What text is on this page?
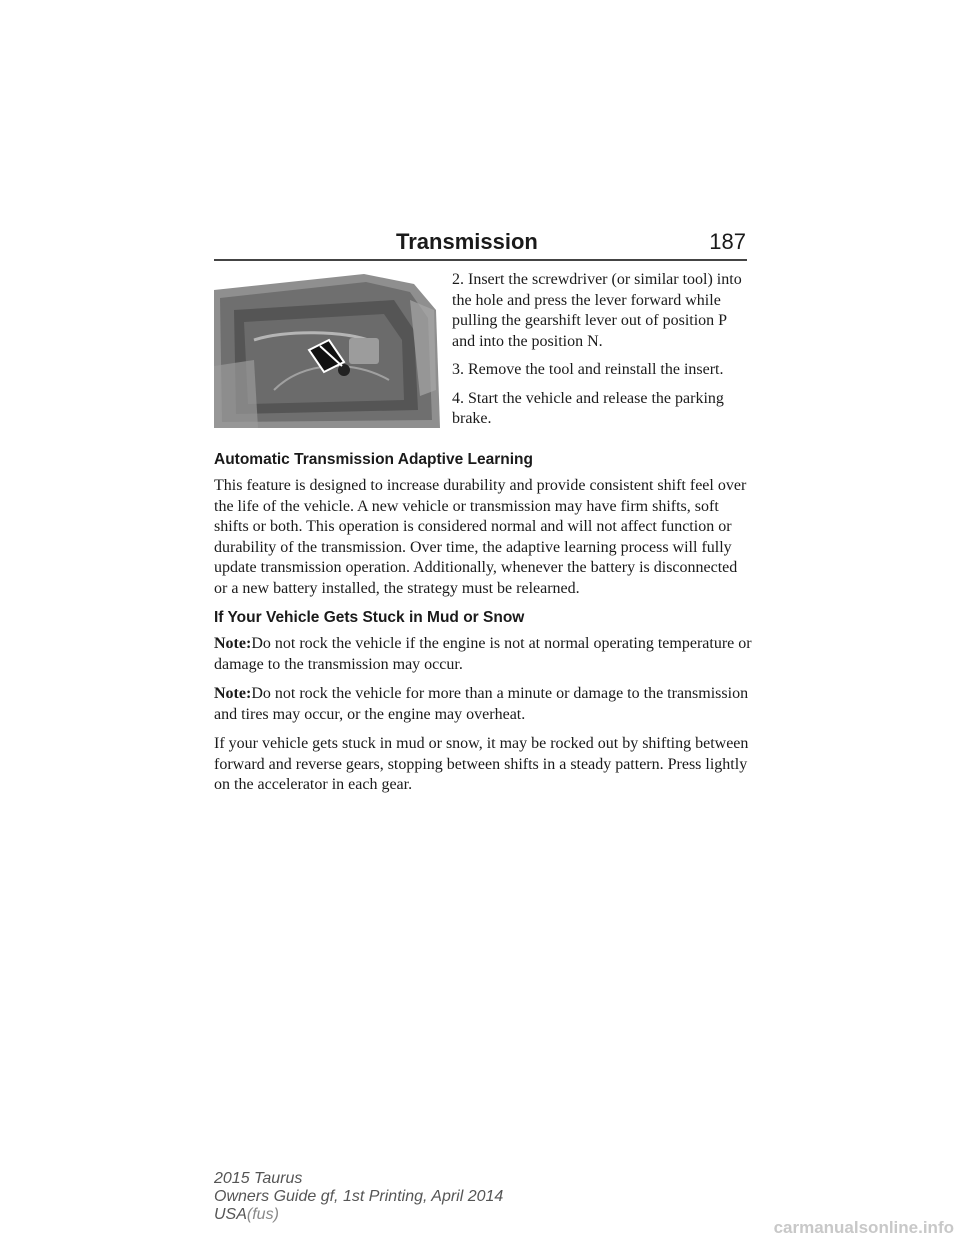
Transmission	187

2. Insert the screwdriver (or similar tool) into the hole and press the lever forward while pulling the gearshift lever out of position P and into the position N.

3. Remove the tool and reinstall the insert.

4. Start the vehicle and release the parking brake.

Automatic Transmission Adaptive Learning

This feature is designed to increase durability and provide consistent shift feel over the life of the vehicle. A new vehicle or transmission may have firm shifts, soft shifts or both. This operation is considered normal and will not affect function or durability of the transmission. Over time, the adaptive learning process will fully update transmission operation. Additionally, whenever the battery is disconnected or a new battery installed, the strategy must be relearned.

If Your Vehicle Gets Stuck in Mud or Snow

Note:Do not rock the vehicle if the engine is not at normal operating temperature or damage to the transmission may occur.

Note:Do not rock the vehicle for more than a minute or damage to the transmission and tires may occur, or the engine may overheat.

If your vehicle gets stuck in mud or snow, it may be rocked out by shifting between forward and reverse gears, stopping between shifts in a steady pattern. Press lightly on the accelerator in each gear.

2015 Taurus
Owners Guide gf, 1st Printing, April 2014
USA(fus)
carmanualsonline.info
